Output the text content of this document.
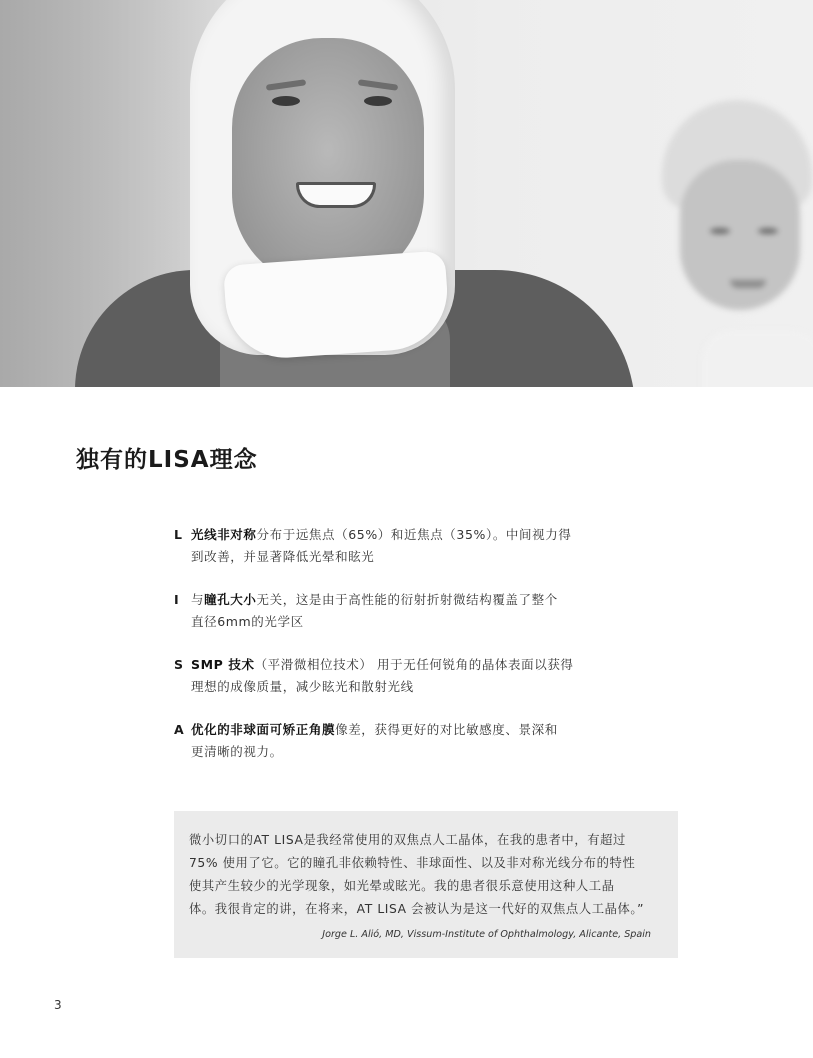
独有的LISA理念
L 光线非对称分布于远焦点（65%）和近焦点（35%）。中间视力得
到改善，并显著降低光晕和眩光
I 与瞳孔大小无关，这是由于高性能的衍射折射微结构覆盖了整个
直径6mm的光学区
S SMP 技术（平滑微相位技术） 用于无任何锐角的晶体表面以获得
理想的成像质量，减少眩光和散射光线
A 优化的非球面可矫正角膜像差，获得更好的对比敏感度、景深和
更清晰的视力。
微小切口的AT LISA是我经常使用的双焦点人工晶体，在我的患者中，有超过
75% 使用了它。它的瞳孔非依赖特性、非球面性、以及非对称光线分布的特性
使其产生较少的光学现象，如光晕或眩光。我的患者很乐意使用这种人工晶
体。我很肯定的讲，在将来，AT LISA 会被认为是这一代好的双焦点人工晶体。”
Jorge L. Alió, MD, Vissum-Institute of Ophthalmology, Alicante, Spain
3
